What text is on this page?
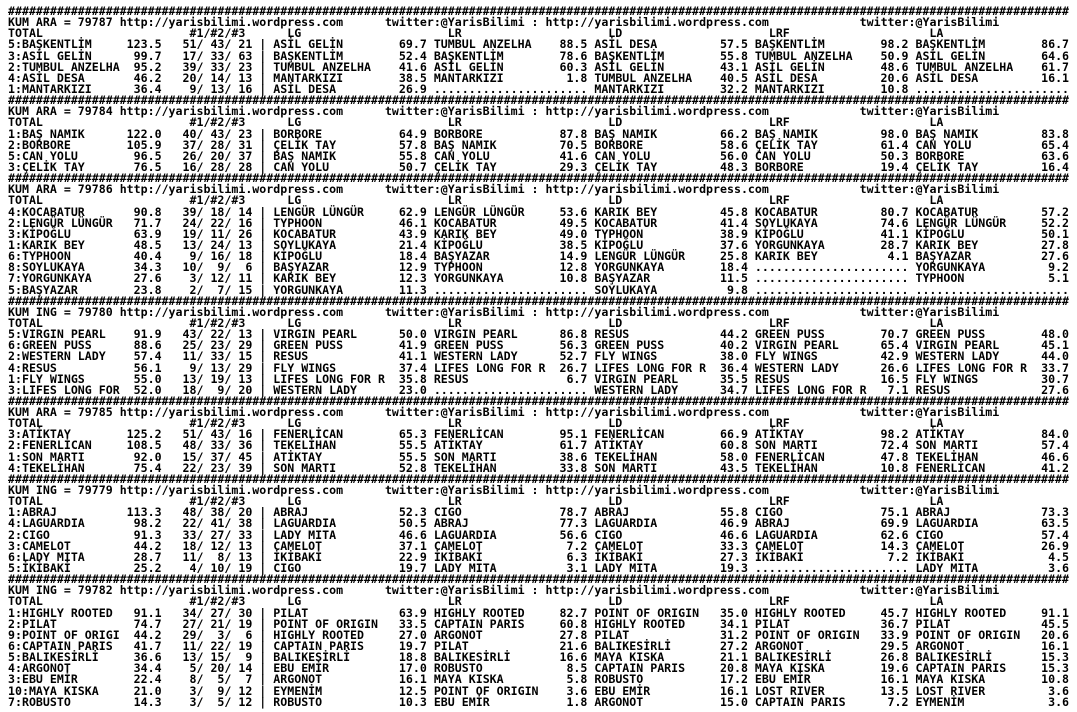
########################################################################################################################################################
KUM ARA = 79787 http://yarisbilimi.wordpress.com	twitter:@YarisBilimi : http://yarisbilimi.wordpress.com	twitter:@YarisBilimi
TOTAL                     #1/#2/#3      LG                     LR                     LD                     LRF                    LA
5:BAŞKENTLİM     123.5   51/ 43/ 21 | ASİL GELİN        69.7 TUMBUL ANZELHA    88.5 ASİL DESA         57.5 BAŞKENTLİM        98.2 BAŞKENTLİM        86.7
3:ASİL GELİN      99.7   17/ 33/ 63 | BAŞKENTLİM        52.4 BAŞKENTLİM        78.6 BAŞKENTLİM        55.8 TUMBUL ANZELHA    50.9 ASİL GELİN        64.6
2:TUMBUL ANZELHA  95.2   39/ 33/ 23 | TUMBUL ANZELHA    41.6 ASİL GELİN        60.3 ASİL GELİN        43.1 ASİL GELİN        48.6 TUMBUL ANZELHA    61.7
4:ASİL DESA       46.2   20/ 14/ 13 | MANTARKIZI        38.5 MANTARKIZI         1.8 TUMBUL ANZELHA    40.5 ASİL DESA         20.6 ASİL DESA         16.1
1:MANTARKIZI      36.4    9/ 13/ 16 | ASİL DESA         26.9 ...................... MANTARKIZI        32.2 MANTARKIZI        10.8 ......................
########################################################################################################################################################
KUM ARA = 79784 http://yarisbilimi.wordpress.com	twitter:@YarisBilimi : http://yarisbilimi.wordpress.com	twitter:@YarisBilimi
TOTAL                     #1/#2/#3      LG                     LR                     LD                     LRF                    LA
1:BAŞ NAMIK      122.0   40/ 43/ 23 | BORBORE           64.9 BORBORE           87.8 BAŞ NAMIK         66.2 BAŞ NAMIK         98.0 BAŞ NAMIK         83.8
2:BORBORE        105.9   37/ 28/ 31 | ÇELİK TAY         57.8 BAŞ NAMIK         70.5 BORBORE           58.6 ÇELİK TAY         61.4 CAN YOLU          65.4
5:CAN YOLU        96.5   26/ 20/ 37 | BAŞ NAMIK         55.8 CAN YOLU          41.6 CAN YOLU          56.0 CAN YOLU          50.3 BORBORE           63.6
3:ÇELİK TAY       76.5   16/ 28/ 28 | CAN YOLU          50.7 ÇELİK TAY         29.3 ÇELİK TAY         48.3 BORBORE           19.4 ÇELİK TAY         16.4
########################################################################################################################################################
KUM ARA = 79786 http://yarisbilimi.wordpress.com	twitter:@YarisBilimi : http://yarisbilimi.wordpress.com	twitter:@YarisBilimi
TOTAL                     #1/#2/#3      LG                     LR                     LD                     LRF                    LA
4:KOCABATUR       90.8   39/ 18/ 14 | LENGÜR LÜNGÜR     62.9 LENGÜR LÜNGÜR     53.6 KARIK BEY         45.8 KOCABATUR         80.7 KOCABATUR         57.2
2:LENGÜR LÜNGÜR   71.7   24/ 22/ 16 | TYPHOON           46.1 KOCABATUR         49.5 KOCABATUR         41.4 SOYLUKAYA         74.6 LENGÜR LÜNGÜR     52.2
3:KİPOĞLU         63.9   19/ 11/ 26 | KOCABATUR         43.9 KARIK BEY         49.0 TYPHOON           38.9 KİPOĞLU           41.1 KİPOĞLU           50.1
1:KARIK BEY       48.5   13/ 24/ 13 | SOYLUKAYA         21.4 KİPOĞLU           38.5 KİPOĞLU           37.6 YORGUNKAYA        28.7 KARIK BEY         27.8
6:TYPHOON         40.4    9/ 16/ 18 | KİPOĞLU           18.4 BAŞYAZAR          14.9 LENGÜR LÜNGÜR     25.8 KARIK BEY          4.1 BAŞYAZAR          27.6
8:SOYLUKAYA       34.3   10/  9/  6 | BAŞYAZAR          12.9 TYPHOON           12.8 YORGUNKAYA        18.4 ...................... YORGUNKAYA         9.2
7:YORGUNKAYA      27.6    3/ 12/ 11 | KARIK BEY         12.3 YORGUNKAYA        10.8 BAŞYAZAR          11.5 ...................... TYPHOON            5.1
5:BAŞYAZAR        23.8    2/  7/ 15 | YORGUNKAYA        11.3 ...................... SOYLUKAYA          9.8 ...................... ......................
########################################################################################################################################################
KUM ING = 79780 http://yarisbilimi.wordpress.com	twitter:@YarisBilimi : http://yarisbilimi.wordpress.com	twitter:@YarisBilimi
TOTAL                     #1/#2/#3      LG                     LR                     LD                     LRF                    LA
5:VIRGIN PEARL    91.9   43/ 22/ 13 | VIRGIN PEARL      50.0 VIRGIN PEARL      86.8 RESUS             44.2 GREEN PUSS        70.7 GREEN PUSS        48.0
6:GREEN PUSS      88.6   25/ 23/ 29 | GREEN PUSS        41.9 GREEN PUSS        56.3 GREEN PUSS        40.2 VIRGIN PEARL      65.4 VIRGIN PEARL      45.1
2:WESTERN LADY    57.4   11/ 33/ 15 | RESUS             41.1 WESTERN LADY      52.7 FLY WINGS         38.0 FLY WINGS         42.9 WESTERN LADY      44.0
4:RESUS           56.1    9/ 13/ 29 | FLY WINGS         37.4 LIFES LONG FOR R  26.7 LIFES LONG FOR R  36.4 WESTERN LADY      26.6 LIFES LONG FOR R  33.7
1:FLY WINGS       55.0   13/ 19/ 13 | LIFES LONG FOR R  35.8 RESUS              6.7 VIRGIN PEARL      35.5 RESUS             16.5 FLY WINGS         30.7
3:LIFES LONG FOR  52.0   18/  9/ 20 | WESTERN LADY      23.0 ...................... WESTERN LADY      34.7 LIFES LONG FOR R   7.1 RESUS             27.6
########################################################################################################################################################
KUM ARA = 79785 http://yarisbilimi.wordpress.com	twitter:@YarisBilimi : http://yarisbilimi.wordpress.com	twitter:@YarisBilimi
TOTAL                     #1/#2/#3      LG                     LR                     LD                     LRF                    LA
3:ATİKTAY        125.2   51/ 43/ 16 | FENERLİCAN        65.3 FENERLİCAN        95.1 FENERLİCAN        66.9 ATİKTAY           98.2 ATİKTAY           84.0
2:FENERLİCAN     108.5   48/ 33/ 36 | TEKELİHAN         55.5 ATİKTAY           61.7 ATİKTAY           60.8 SON MARTI         72.4 SON MARTI         57.4
1:SON MARTI       92.0   15/ 37/ 45 | ATİKTAY           55.5 SON MARTI         38.6 TEKELİHAN         58.0 FENERLİCAN        47.8 TEKELİHAN         46.6
4:TEKELİHAN       75.4   22/ 23/ 39 | SON MARTI         52.8 TEKELİHAN         33.8 SON MARTI         43.5 TEKELİHAN         10.8 FENERLİCAN        41.2
########################################################################################################################################################
KUM ING = 79779 http://yarisbilimi.wordpress.com	twitter:@YarisBilimi : http://yarisbilimi.wordpress.com	twitter:@YarisBilimi
TOTAL                     #1/#2/#3      LG                     LR                     LD                     LRF                    LA
1:ABRAJ          113.3   48/ 38/ 20 | ABRAJ             52.3 CIGO              78.7 ABRAJ             55.8 CIGO              75.1 ABRAJ             73.3
4:LAGUARDIA       98.2   22/ 41/ 38 | LAGUARDIA         50.5 ABRAJ             77.3 LAGUARDIA         46.9 ABRAJ             69.9 LAGUARDIA         63.5
2:CIGO            91.3   33/ 27/ 33 | LADY MITA         46.6 LAGUARDIA         56.6 CIGO              46.6 LAGUARDIA         62.6 CIGO              57.4
3:CAMELOT         44.2   18/ 12/ 13 | CAMELOT           37.1 CAMELOT            7.2 CAMELOT           33.3 CAMELOT           14.3 CAMELOT           26.9
6:LADY MITA       28.7   11/  8/ 13 | İKİBAKİ           22.9 İKİBAKİ            6.3 İKİBAKİ           27.3 İKİBAKİ            7.2 İKİBAKİ            4.5
5:İKİBAKİ         25.2    4/ 10/ 19 | CIGO              19.7 LADY MITA          3.1 LADY MITA         19.3 ...................... LADY MITA          3.6
########################################################################################################################################################
KUM ING = 79782 http://yarisbilimi.wordpress.com	twitter:@YarisBilimi : http://yarisbilimi.wordpress.com	twitter:@YarisBilimi
TOTAL                     #1/#2/#3      LG                     LR                     LD                     LRF                    LA
1:HIGHLY ROOTED   91.1   34/ 27/ 30 | PILAT             63.9 HIGHLY ROOTED     82.7 POINT OF ORIGIN   35.0 HIGHLY ROOTED     45.7 HIGHLY ROOTED     91.1
2:PILAT           74.7   27/ 21/ 19 | POINT OF ORIGIN   33.5 CAPTAIN PARIS     60.8 HIGHLY ROOTED     34.1 PILAT             36.7 PILAT             45.5
9:POINT OF ORIGI  44.2   29/  3/  6 | HIGHLY ROOTED     27.0 ARGONOT           27.8 PILAT             31.2 POINT OF ORIGIN   33.9 POINT OF ORIGIN   20.6
6:CAPTAIN PARIS   41.7   11/ 22/ 19 | CAPTAIN PARIS     19.7 PILAT             21.6 BALIKESİRLİ       27.2 ARGONOT           29.5 ARGONOT           16.1
5:BALIKESİRLİ     36.6   13/ 15/  9 | BALIKESİRLİ       18.8 BALIKESİRLİ       16.6 MAYA KISKA        21.1 BALIKESİRLİ       26.8 BALIKESİRLİ       15.3
4:ARGONOT         34.4    5/ 20/ 14 | EBU EMİR          17.0 ROBUSTO            8.5 CAPTAIN PARIS     20.8 MAYA KISKA        19.6 CAPTAIN PARIS     15.3
3:EBU EMİR        22.4    8/  5/  7 | ARGONOT           16.1 MAYA KISKA         5.8 ROBUSTO           17.2 EBU EMİR          16.1 MAYA KISKA        10.8
10:MAYA KISKA     21.0    3/  9/ 12 | EYMENİM           12.5 POINT OF ORIGIN    3.6 EBU EMİR          16.1 LOST RIVER        13.5 LOST RIVER         3.6
7:ROBUSTO         14.3    3/  5/ 12 | ROBUSTO           10.3 EBU EMİR           1.8 ARGONOT           15.0 CAPTAIN PARIS      7.2 EYMENİM            3.6
